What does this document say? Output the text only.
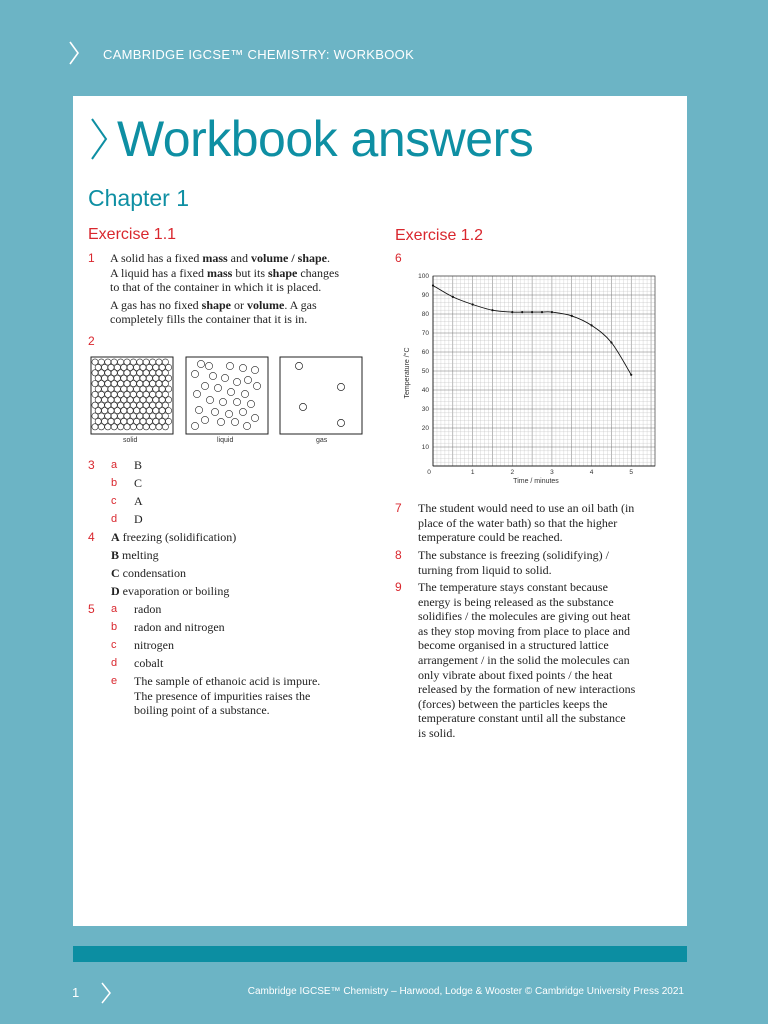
CAMBRIDGE IGCSE™ CHEMISTRY: WORKBOOK
Workbook answers
Chapter 1
Exercise 1.1
1 A solid has a fixed mass and volume / shape.
A liquid has a fixed mass but its shape changes
to that of the container in which it is placed.
A gas has no fixed shape or volume. A gas
completely fills the container that it is in.
2
solid	liquid	gas
3 a B
b C
c A
d D
4 A freezing (solidification)
B melting
C condensation
D evaporation or boiling
5 a radon
b radon and nitrogen
c nitrogen
d cobalt
e The sample of ethanoic acid is impure.
The presence of impurities raises the
boiling point of a substance.
Exercise 1.2
6
10
20
30
40
50
60
70
80
90
100
0	1	2	3	4	5
Time / minutes
Temperature /°C
7 The student would need to use an oil bath (in
place of the water bath) so that the higher
temperature could be reached.
8 The substance is freezing (solidifying) /
turning from liquid to solid.
9 The temperature stays constant because
energy is being released as the substance
solidifies / the molecules are giving out heat
as they stop moving from place to place and
become organised in a structured lattice
arrangement / in the solid the molecules can
only vibrate about fixed points / the heat
released by the formation of new interactions
(forces) between the particles keeps the
temperature constant until all the substance
is solid.
1	Cambridge IGCSE™ Chemistry – Harwood, Lodge & Wooster © Cambridge University Press 2021
